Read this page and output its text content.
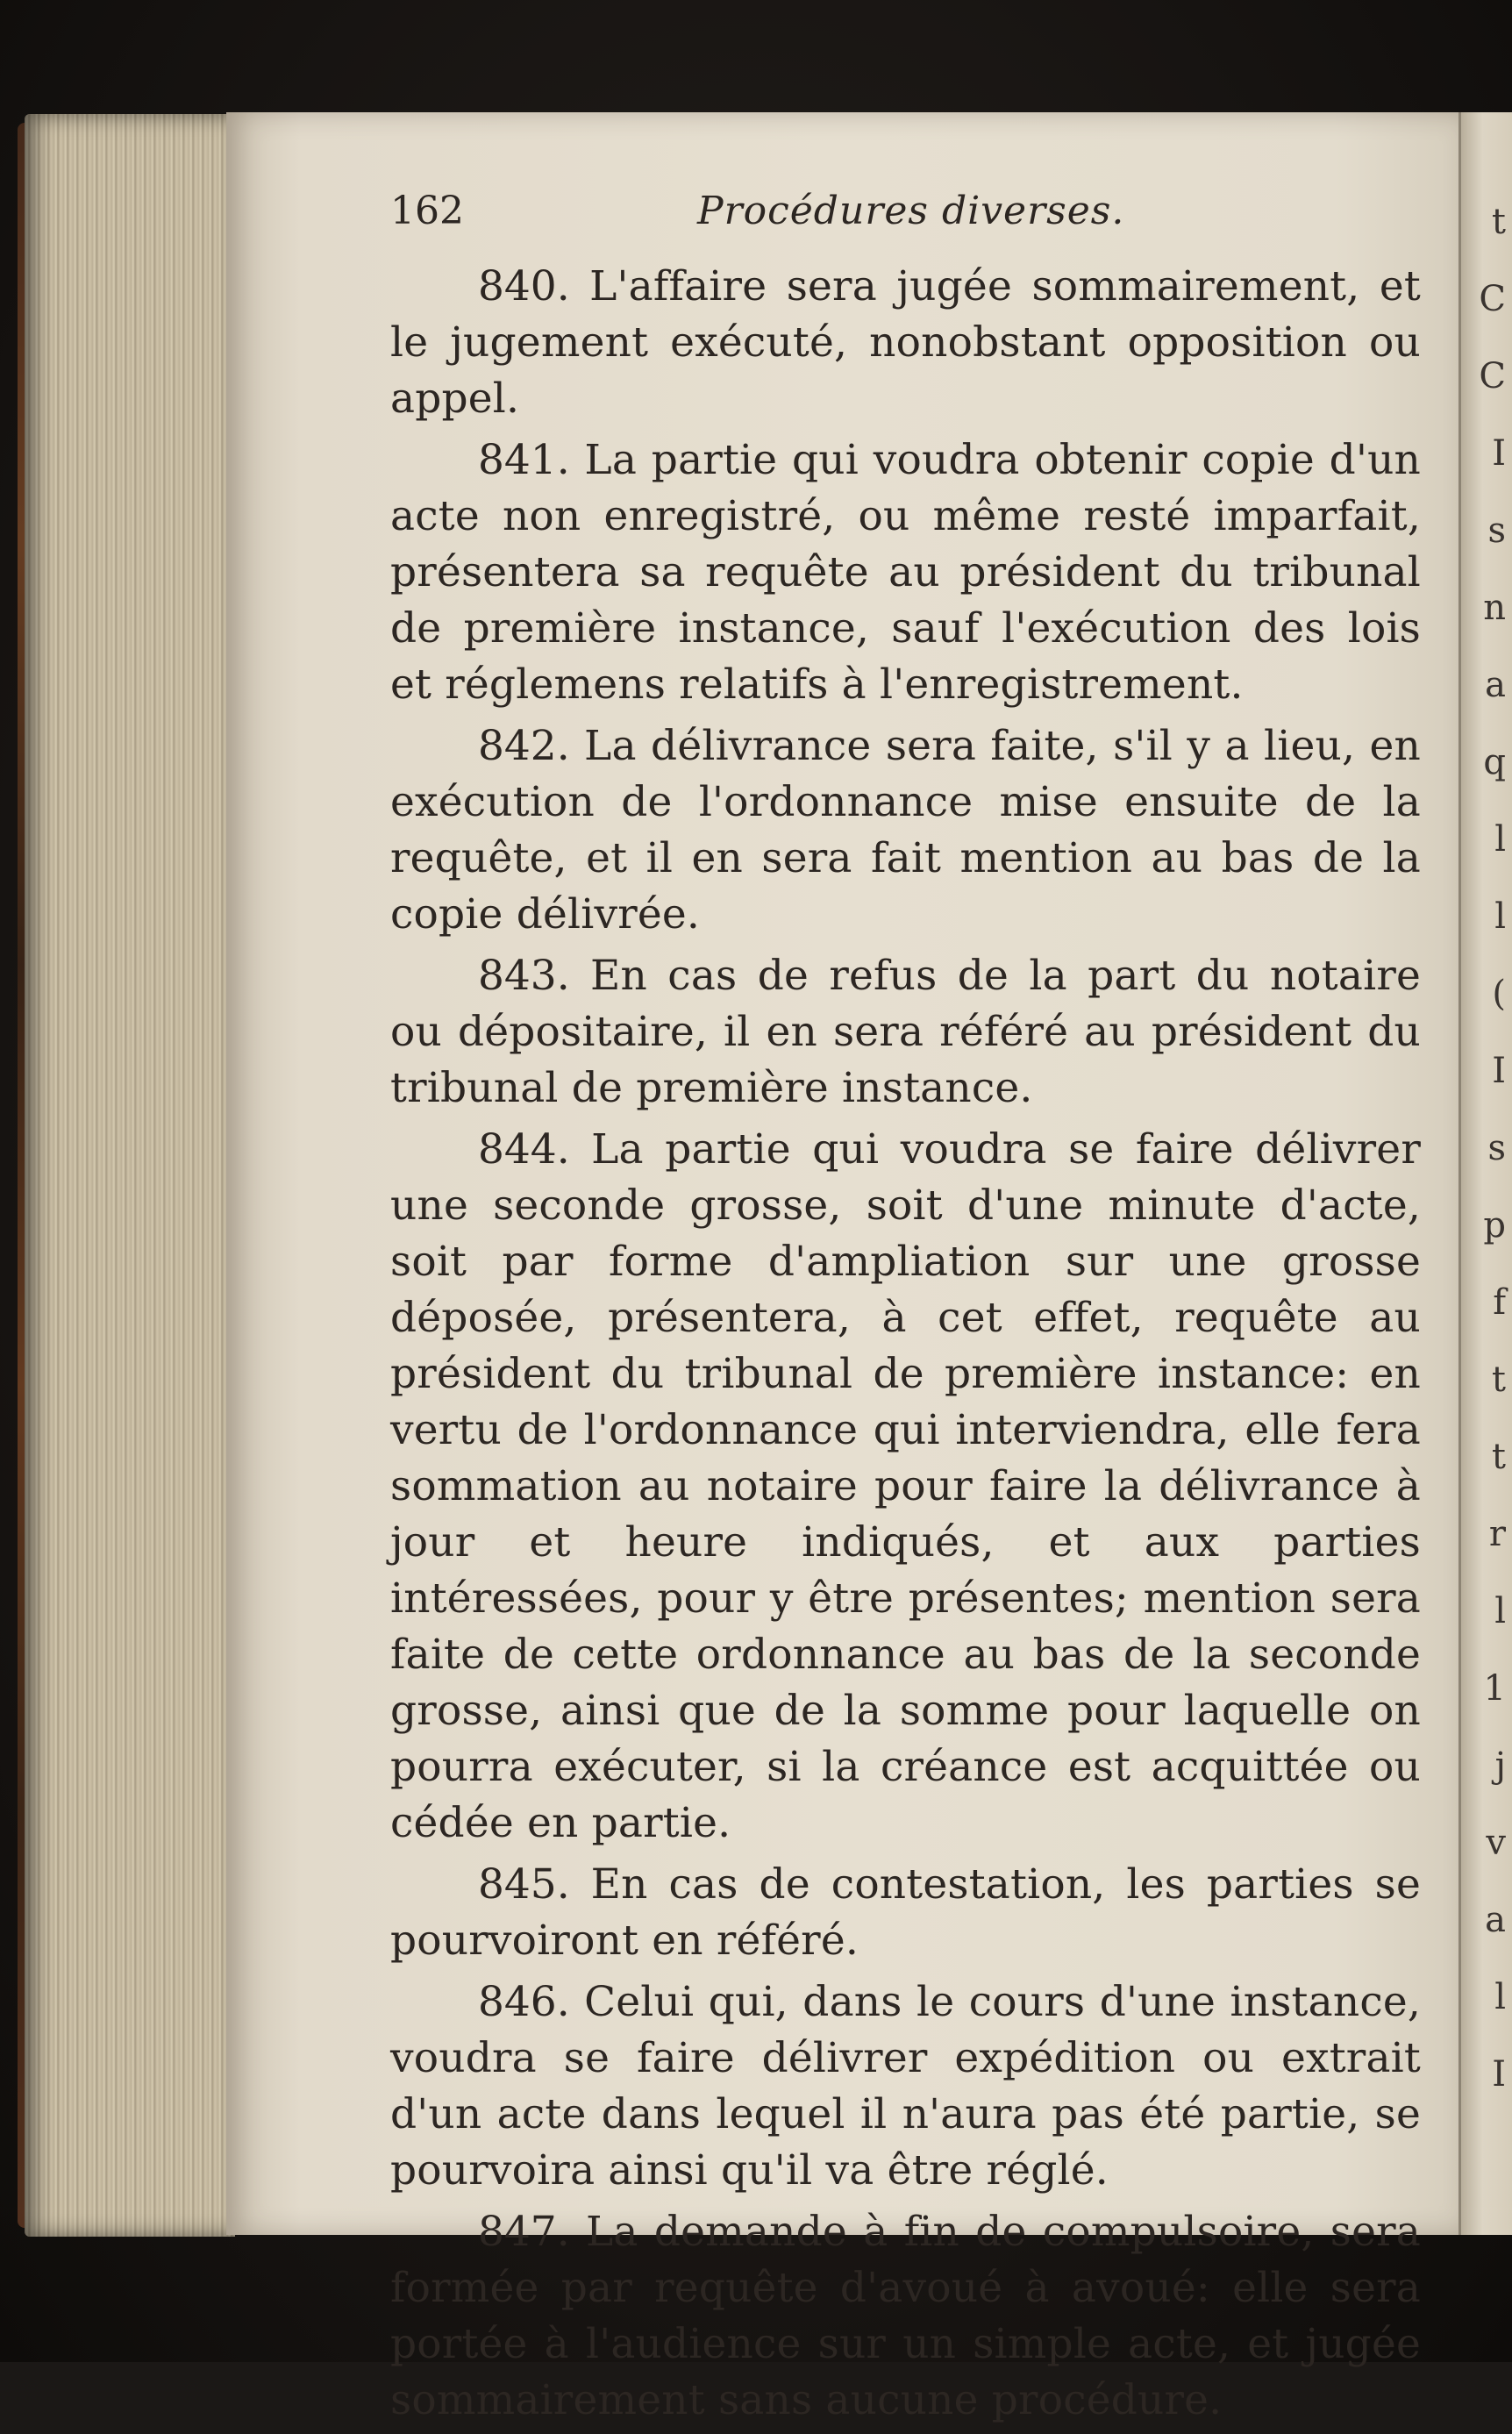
t
C
C
I
s
n
a
q
l
l
(
I
s
p
f
t
t
r
l
1
j
v
a
l
I
162	Procédures diverses.

840. L'affaire sera jugée sommairement, et le jugement exécuté, nonobstant opposition ou appel.

841. La partie qui voudra obtenir copie d'un acte non enregistré, ou même resté imparfait, présentera sa requête au président du tribunal de première instance, sauf l'exécution des lois et réglemens relatifs à l'enregistrement.

842. La délivrance sera faite, s'il y a lieu, en exécution de l'ordonnance mise ensuite de la requête, et il en sera fait mention au bas de la copie délivrée.

843. En cas de refus de la part du notaire ou dépositaire, il en sera référé au président du tribunal de première instance.

844. La partie qui voudra se faire délivrer une seconde grosse, soit d'une minute d'acte, soit par forme d'ampliation sur une grosse déposée, présentera, à cet effet, requête au président du tribunal de première instance: en vertu de l'ordonnance qui interviendra, elle fera sommation au notaire pour faire la délivrance à jour et heure indiqués, et aux parties intéressées, pour y être présentes; mention sera faite de cette ordonnance au bas de la seconde grosse, ainsi que de la somme pour laquelle on pourra exécuter, si la créance est acquittée ou cédée en partie.

845. En cas de contestation, les parties se pourvoiront en référé.

846. Celui qui, dans le cours d'une instance, voudra se faire délivrer expédition ou extrait d'un acte dans lequel il n'aura pas été partie, se pourvoira ainsi qu'il va être réglé.

847. La demande à fin de compulsoire, sera formée par requête d'avoué à avoué: elle sera portée à l'audience sur un simple acte, et jugée sommairement sans aucune procédure.
